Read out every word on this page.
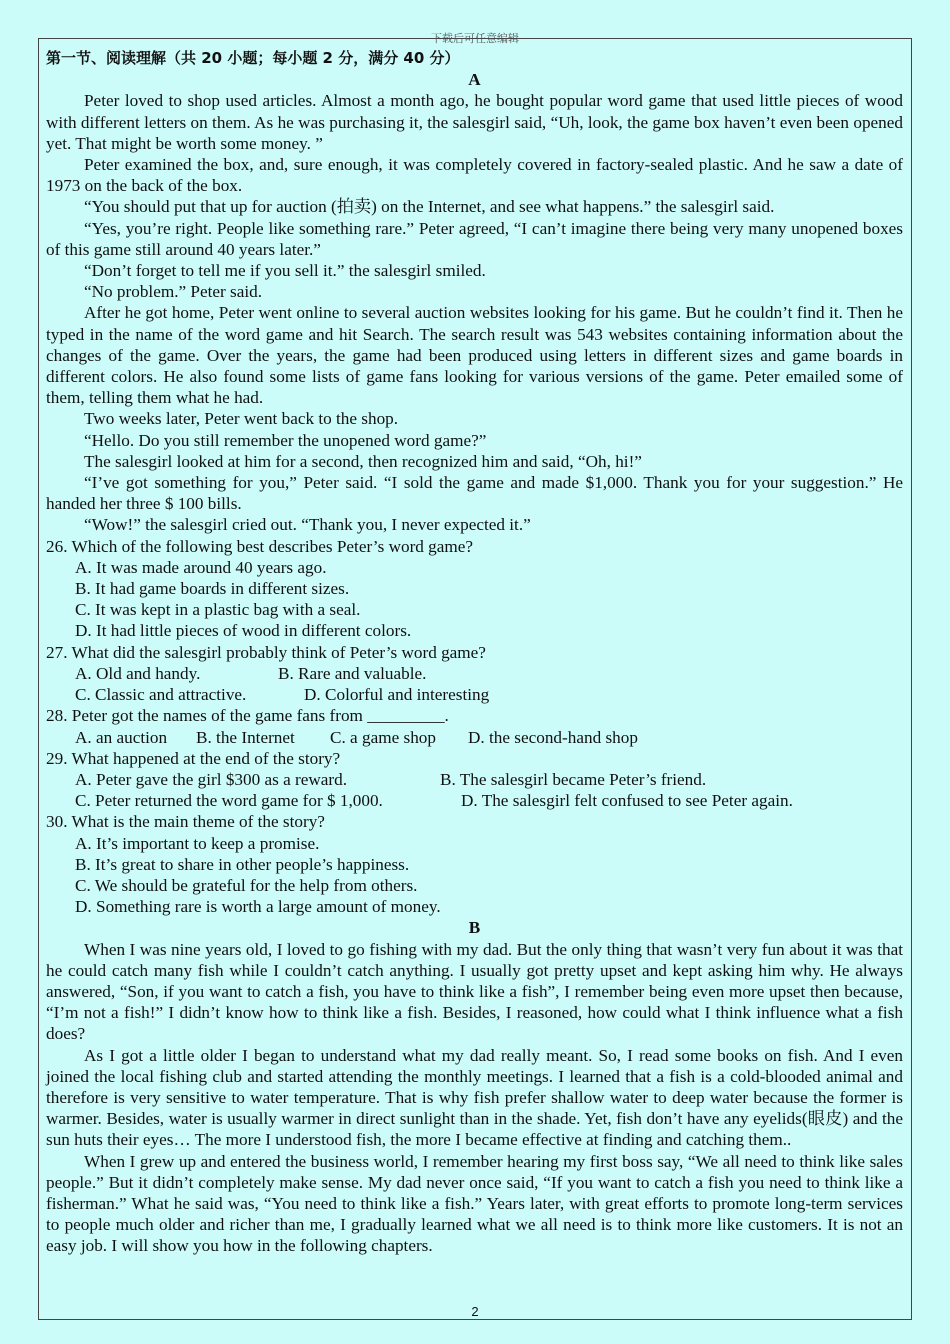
下载后可任意编辑

第一节、阅读理解（共 20 小题；每小题 2 分，满分 40 分）

A

Peter loved to shop used articles. Almost a month ago, he bought popular word game that used little pieces of wood with different letters on them. As he was purchasing it, the salesgirl said, “Uh, look, the game box haven’t even been opened yet. That might be worth some money. ”

Peter examined the box, and, sure enough, it was completely covered in factory-sealed plastic. And he saw a date of 1973 on the back of the box.

“You should put that up for auction (拍卖) on the Internet, and see what happens.” the salesgirl said.

“Yes, you’re right. People like something rare.” Peter agreed, “I can’t imagine there being very many unopened boxes of this game still around 40 years later.”

“Don’t forget to tell me if you sell it.” the salesgirl smiled.

“No problem.” Peter said.

After he got home, Peter went online to several auction websites looking for his game. But he couldn’t find it. Then he typed in the name of the word game and hit Search. The search result was 543 websites containing information about the changes of the game. Over the years, the game had been produced using letters in different sizes and game boards in different colors. He also found some lists of game fans looking for various versions of the game. Peter emailed some of them, telling them what he had.

Two weeks later, Peter went back to the shop.

“Hello. Do you still remember the unopened word game?”

The salesgirl looked at him for a second, then recognized him and said, “Oh, hi!”

“I’ve got something for you,” Peter said. “I sold the game and made $1,000. Thank you for your suggestion.” He handed her three $ 100 bills.

“Wow!” the salesgirl cried out. “Thank you, I never expected it.”

26. Which of the following best describes Peter’s word game?

A. It was made around 40 years ago.

B. It had game boards in different sizes.

C. It was kept in a plastic bag with a seal.

D. It had little pieces of wood in different colors.

27. What did the salesgirl probably think of Peter’s word game?

A. Old and handy.	B. Rare and valuable.
C. Classic and attractive.	D. Colorful and interesting

28. Peter got the names of the game fans from _________.

A. an auction	B. the Internet	C. a game shop	D. the second-hand shop

29. What happened at the end of the story?

A. Peter gave the girl $300 as a reward.	B. The salesgirl became Peter’s friend.
C. Peter returned the word game for $ 1,000.	D. The salesgirl felt confused to see Peter again.

30. What is the main theme of the story?

A. It’s important to keep a promise.

B. It’s great to share in other people’s happiness.

C. We should be grateful for the help from others.

D. Something rare is worth a large amount of money.

B

When I was nine years old, I loved to go fishing with my dad. But the only thing that wasn’t very fun about it was that he could catch many fish while I couldn’t catch anything. I usually got pretty upset and kept asking him why. He always answered, “Son, if you want to catch a fish, you have to think like a fish”, I remember being even more upset then because, “I’m not a fish!” I didn’t know how to think like a fish. Besides, I reasoned, how could what I think influence what a fish does?

As I got a little older I began to understand what my dad really meant. So, I read some books on fish. And I even joined the local fishing club and started attending the monthly meetings. I learned that a fish is a cold-blooded animal and therefore is very sensitive to water temperature. That is why fish prefer shallow water to deep water because the former is warmer. Besides, water is usually warmer in direct sunlight than in the shade. Yet, fish don’t have any eyelids(眼皮) and the sun huts their eyes… The more I understood fish, the more I became effective at finding and catching them..

When I grew up and entered the business world, I remember hearing my first boss say, “We all need to think like sales people.” But it didn’t completely make sense. My dad never once said, “If you want to catch a fish you need to think like a fisherman.” What he said was, “You need to think like a fish.” Years later, with great efforts to promote long-term services to people much older and richer than me, I gradually learned what we all need is to think more like customers. It is not an easy job. I will show you how in the following chapters.

2
